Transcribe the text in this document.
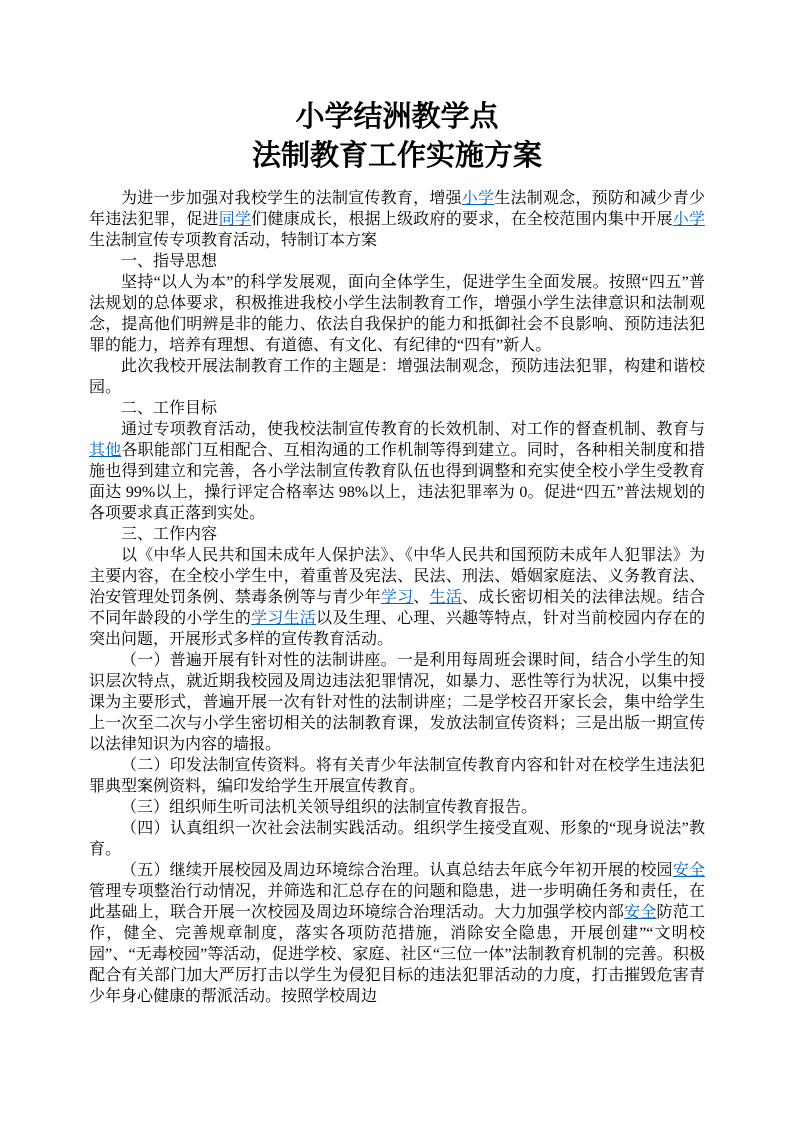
小学结洲教学点
法制教育工作实施方案

为进一步加强对我校学生的法制宣传教育，增强小学生法制观念，预防和减少青少年违法犯罪，促进同学们健康成长，根据上级政府的要求，在全校范围内集中开展小学生法制宣传专项教育活动，特制订本方案

一、指导思想

坚持“以人为本”的科学发展观，面向全体学生，促进学生全面发展。按照“四五”普法规划的总体要求，积极推进我校小学生法制教育工作，增强小学生法律意识和法制观念，提高他们明辨是非的能力、依法自我保护的能力和抵御社会不良影响、预防违法犯罪的能力，培养有理想、有道德、有文化、有纪律的“四有”新人。

此次我校开展法制教育工作的主题是：增强法制观念，预防违法犯罪，构建和谐校园。

二、工作目标

通过专项教育活动，使我校法制宣传教育的长效机制、对工作的督查机制、教育与其他各职能部门互相配合、互相沟通的工作机制等得到建立。同时，各种相关制度和措施也得到建立和完善，各小学法制宣传教育队伍也得到调整和充实使全校小学生受教育面达 99%以上，操行评定合格率达 98%以上，违法犯罪率为 0。促进“四五”普法规划的各项要求真正落到实处。

三、工作内容

以《中华人民共和国未成年人保护法》、《中华人民共和国预防未成年人犯罪法》为主要内容，在全校小学生中，着重普及宪法、民法、刑法、婚姻家庭法、义务教育法、治安管理处罚条例、禁毒条例等与青少年学习、生活、成长密切相关的法律法规。结合不同年龄段的小学生的学习生活以及生理、心理、兴趣等特点，针对当前校园内存在的突出问题，开展形式多样的宣传教育活动。

（一）普遍开展有针对性的法制讲座。一是利用每周班会课时间，结合小学生的知识层次特点，就近期我校园及周边违法犯罪情况，如暴力、恶性等行为状况，以集中授课为主要形式，普遍开展一次有针对性的法制讲座；二是学校召开家长会，集中给学生上一次至二次与小学生密切相关的法制教育课，发放法制宣传资料；三是出版一期宣传以法律知识为内容的墙报。

（二）印发法制宣传资料。将有关青少年法制宣传教育内容和针对在校学生违法犯罪典型案例资料，编印发给学生开展宣传教育。

（三）组织师生听司法机关领导组织的法制宣传教育报告。

（四）认真组织一次社会法制实践活动。组织学生接受直观、形象的“现身说法”教育。

（五）继续开展校园及周边环境综合治理。认真总结去年底今年初开展的校园安全管理专项整治行动情况，并筛选和汇总存在的问题和隐患，进一步明确任务和责任，在此基础上，联合开展一次校园及周边环境综合治理活动。大力加强学校内部安全防范工作，健全、完善规章制度，落实各项防范措施，消除安全隐患，开展创建”“文明校园”、“无毒校园”等活动，促进学校、家庭、社区“三位一体”法制教育机制的完善。积极配合有关部门加大严厉打击以学生为侵犯目标的违法犯罪活动的力度，打击摧毁危害青少年身心健康的帮派活动。按照学校周边
